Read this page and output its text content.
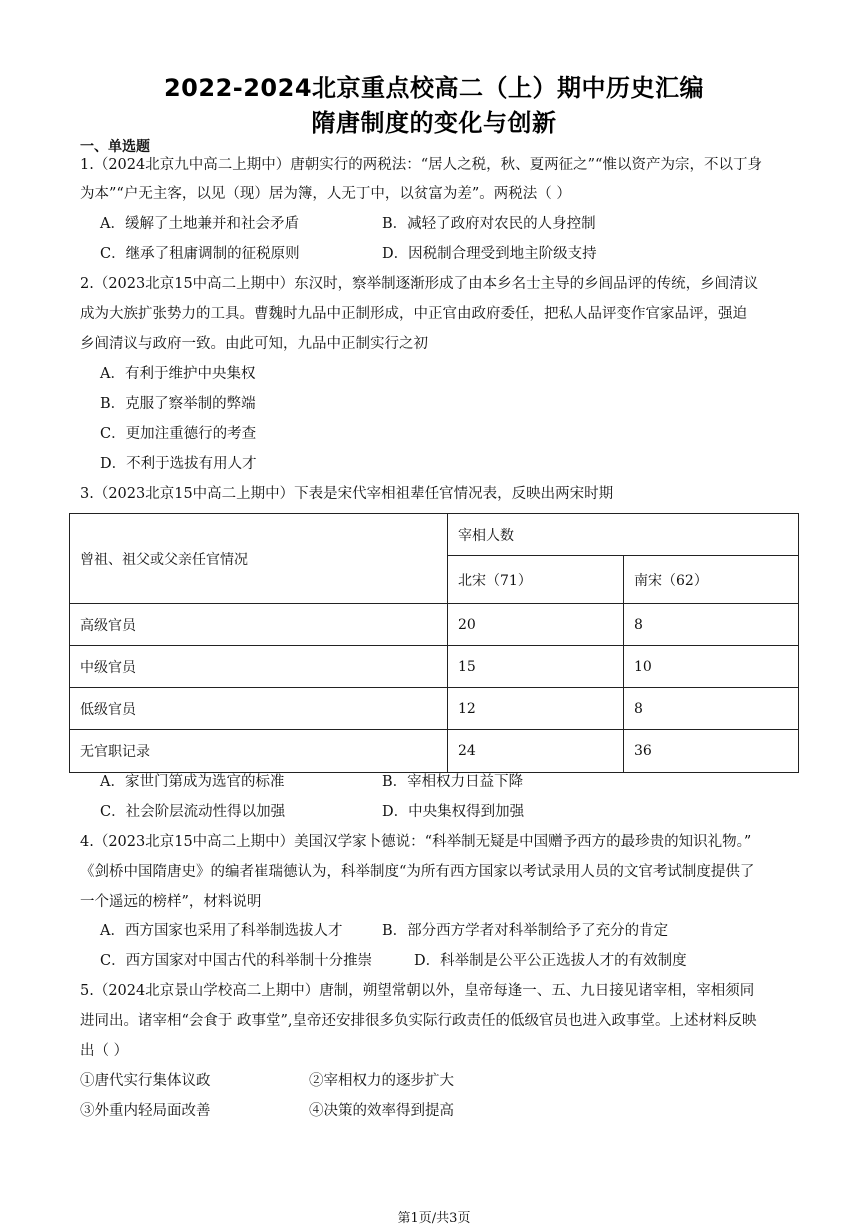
2022-2024北京重点校高二（上）期中历史汇编
隋唐制度的变化与创新
一、单选题
1.（2024北京九中高二上期中）唐朝实行的两税法：“居人之税，秋、夏两征之”“惟以资产为宗，不以丁身
为本”“户无主客，以见（现）居为簿，人无丁中，以贫富为差”。两税法（ ）
A．缓解了土地兼并和社会矛盾	B．减轻了政府对农民的人身控制
C．继承了租庸调制的征税原则	D．因税制合理受到地主阶级支持
2.（2023北京15中高二上期中）东汉时，察举制逐渐形成了由本乡名士主导的乡闾品评的传统，乡闾清议
成为大族扩张势力的工具。曹魏时九品中正制形成，中正官由政府委任，把私人品评变作官家品评，强迫
乡闾清议与政府一致。由此可知，九品中正制实行之初
A．有利于维护中央集权
B．克服了察举制的弊端
C．更加注重德行的考查
D．不利于选拔有用人才
3.（2023北京15中高二上期中）下表是宋代宰相祖辈任官情况表，反映出两宋时期
曾祖、祖父或父亲任官情况	宰相人数	
	北宋（71）	南宋（62）
高级官员	20	8
中级官员	15	10
低级官员	12	8
无官职记录	24	36
A．家世门第成为选官的标准	B．宰相权力日益下降
C．社会阶层流动性得以加强	D．中央集权得到加强
4.（2023北京15中高二上期中）美国汉学家卜德说：“科举制无疑是中国赠予西方的最珍贵的知识礼物。”
《剑桥中国隋唐史》的编者崔瑞德认为，科举制度“为所有西方国家以考试录用人员的文官考试制度提供了
一个遥远的榜样”，材料说明
A．西方国家也采用了科举制选拔人才	B．部分西方学者对科举制给予了充分的肯定
C．西方国家对中国古代的科举制十分推崇	D．科举制是公平公正选拔人才的有效制度
5.（2024北京景山学校高二上期中）唐制，朔望常朝以外，皇帝每逢一、五、九日接见诸宰相，宰相须同
进同出。诸宰相“会食于 政事堂”,皇帝还安排很多负实际行政责任的低级官员也进入政事堂。上述材料反映
出（ ）
①唐代实行集体议政	②宰相权力的逐步扩大
③外重内轻局面改善	④决策的效率得到提高
第1页/共3页
